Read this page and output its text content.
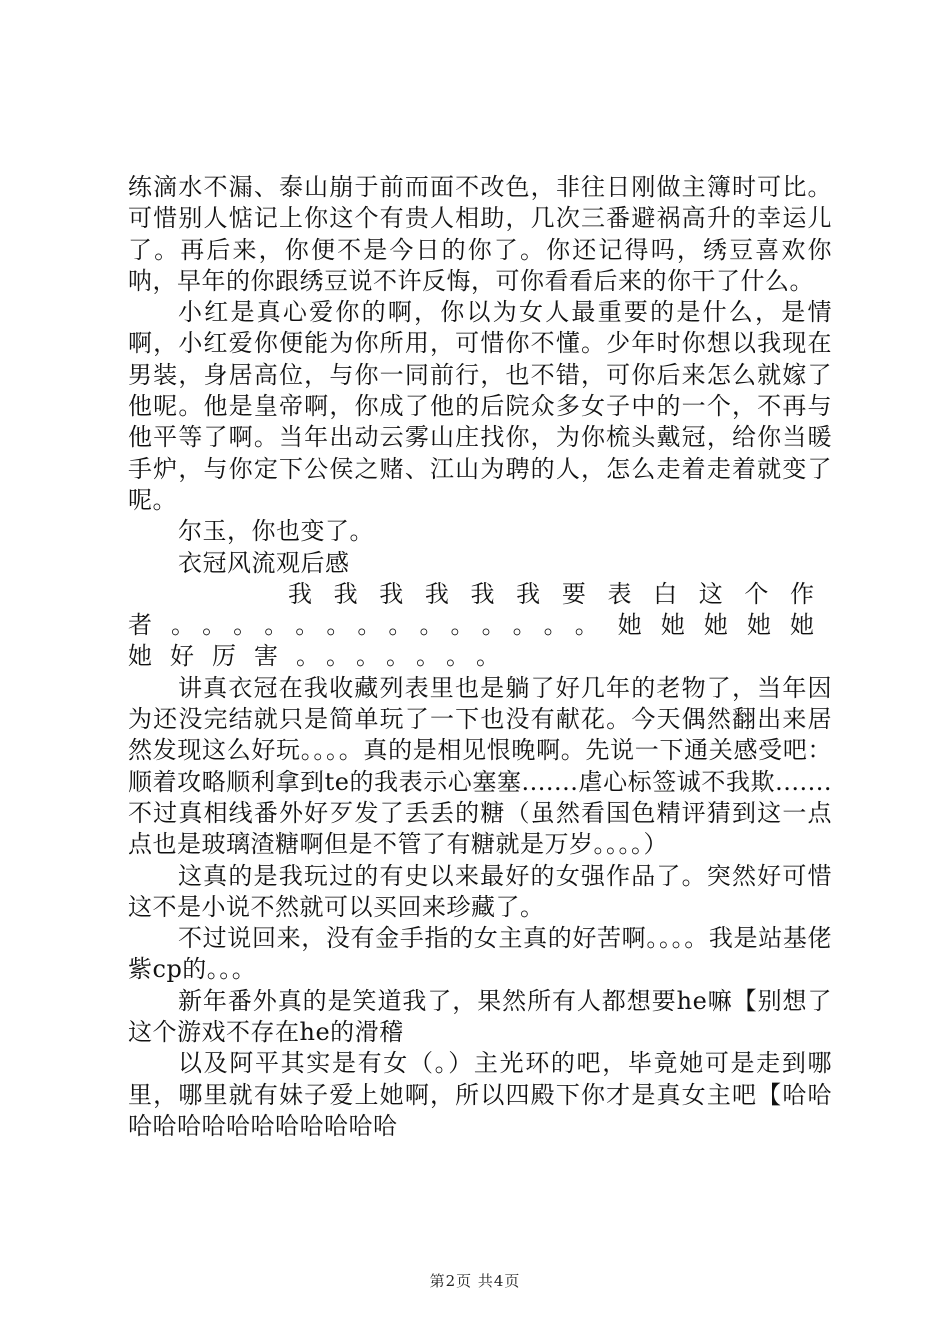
练滴水不漏、泰山崩于前而面不改色，非往日刚做主簿时可比。可惜别人惦记上你这个有贵人相助，几次三番避祸高升的幸运儿了。再后来，你便不是今日的你了。你还记得吗，绣豆喜欢你呐，早年的你跟绣豆说不许反悔，可你看看后来的你干了什么。

小红是真心爱你的啊，你以为女人最重要的是什么，是情啊，小红爱你便能为你所用，可惜你不懂。少年时你想以我现在男装，身居高位，与你一同前行，也不错，可你后来怎么就嫁了他呢。他是皇帝啊，你成了他的后院众多女子中的一个，不再与他平等了啊。当年出动云雾山庄找你，为你梳头戴冠，给你当暖手炉，与你定下公侯之赌、江山为聘的人，怎么走着走着就变了呢。

尔玉，你也变了。

衣冠风流观后感

我我我我我我要表白这个作者。。。。。。。。。。。。。。她她她她她她好厉害。。。。。。。

讲真衣冠在我收藏列表里也是躺了好几年的老物了，当年因为还没完结就只是简单玩了一下也没有献花。今天偶然翻出来居然发现这么好玩。。。。真的是相见恨晚啊。先说一下通关感受吧：顺着攻略顺利拿到te的我表示心塞塞.......虐心标签诚不我欺.......不过真相线番外好歹发了丢丢的糖（虽然看国色精评猜到这一点点也是玻璃渣糖啊但是不管了有糖就是万岁。。。。）

这真的是我玩过的有史以来最好的女强作品了。突然好可惜这不是小说不然就可以买回来珍藏了。

不过说回来，没有金手指的女主真的好苦啊。。。。我是站基佬紫cp的。。。

新年番外真的是笑道我了，果然所有人都想要he嘛【别想了这个游戏不存在he的滑稽

以及阿平其实是有女（。）主光环的吧，毕竟她可是走到哪里，哪里就有妹子爱上她啊，所以四殿下你才是真女主吧【哈哈哈哈哈哈哈哈哈哈哈哈哈

第2页 共4页
